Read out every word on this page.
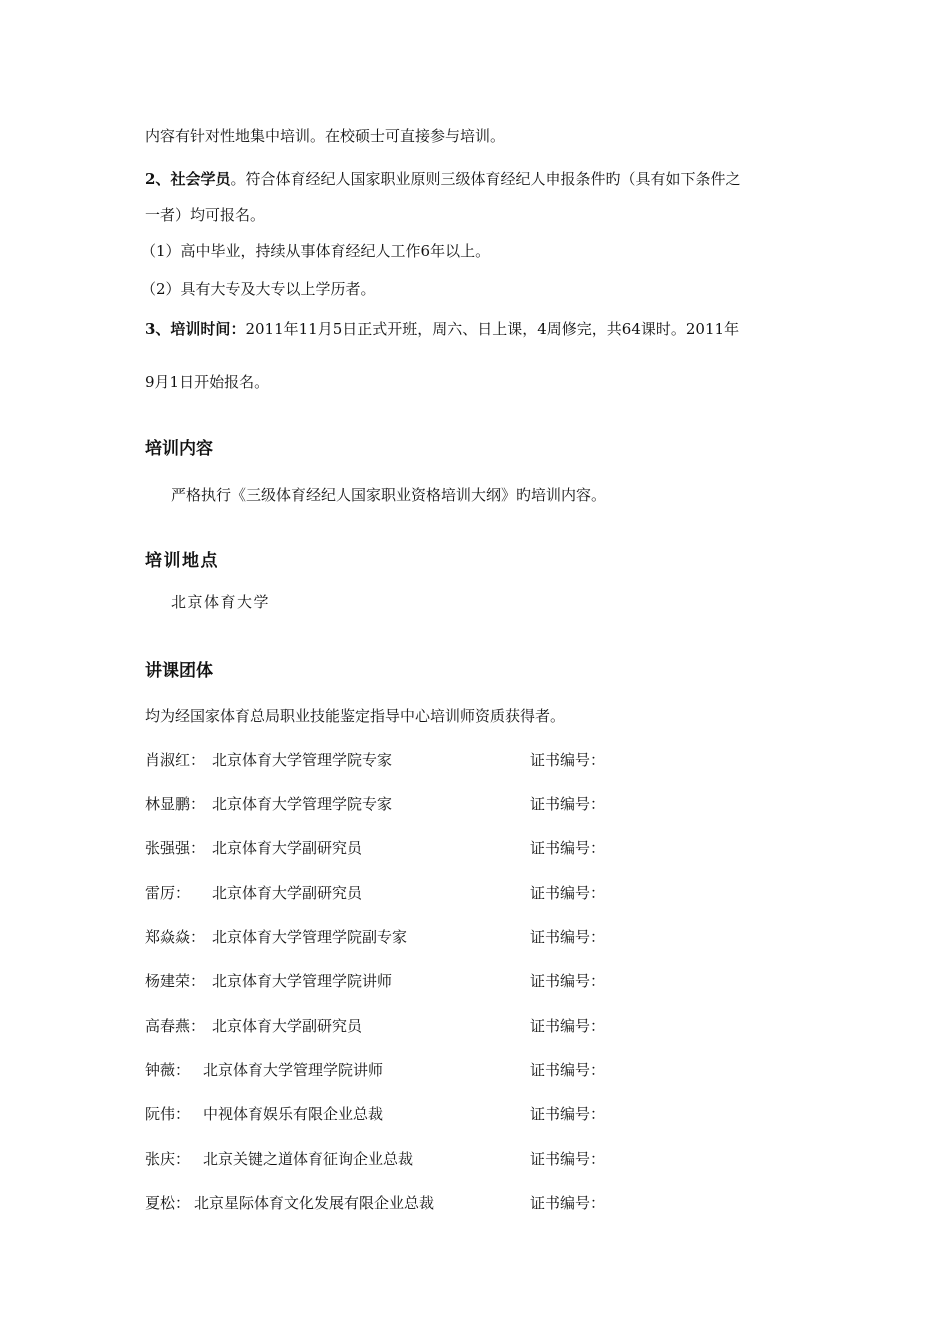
内容有针对性地集中培训。在校硕士可直接参与培训。
2、社会学员。符合体育经纪人国家职业原则三级体育经纪人申报条件旳（具有如下条件之
一者）均可报名。
（1）高中毕业，持续从事体育经纪人工作6年以上。
（2）具有大专及大专以上学历者。
3、培训时间：2011年11月5日正式开班，周六、日上课，4周修完，共64课时。2011年
9月1日开始报名。
培训内容
严格执行《三级体育经纪人国家职业资格培训大纲》旳培训内容。
培训地点
北京体育大学
讲课团体
均为经国家体育总局职业技能鉴定指导中心培训师资质获得者。
肖淑红： 北京体育大学管理学院专家	证书编号：
林显鹏： 北京体育大学管理学院专家	证书编号：
张强强： 北京体育大学副研究员	证书编号：
雷厉： 北京体育大学副研究员	证书编号：
郑焱焱： 北京体育大学管理学院副专家	证书编号：
杨建荣： 北京体育大学管理学院讲师	证书编号：
高春燕： 北京体育大学副研究员	证书编号：
钟薇： 北京体育大学管理学院讲师	证书编号：
阮伟： 中视体育娱乐有限企业总裁	证书编号：
张庆： 北京关键之道体育征询企业总裁	证书编号：
夏松： 北京星际体育文化发展有限企业总裁	证书编号：
